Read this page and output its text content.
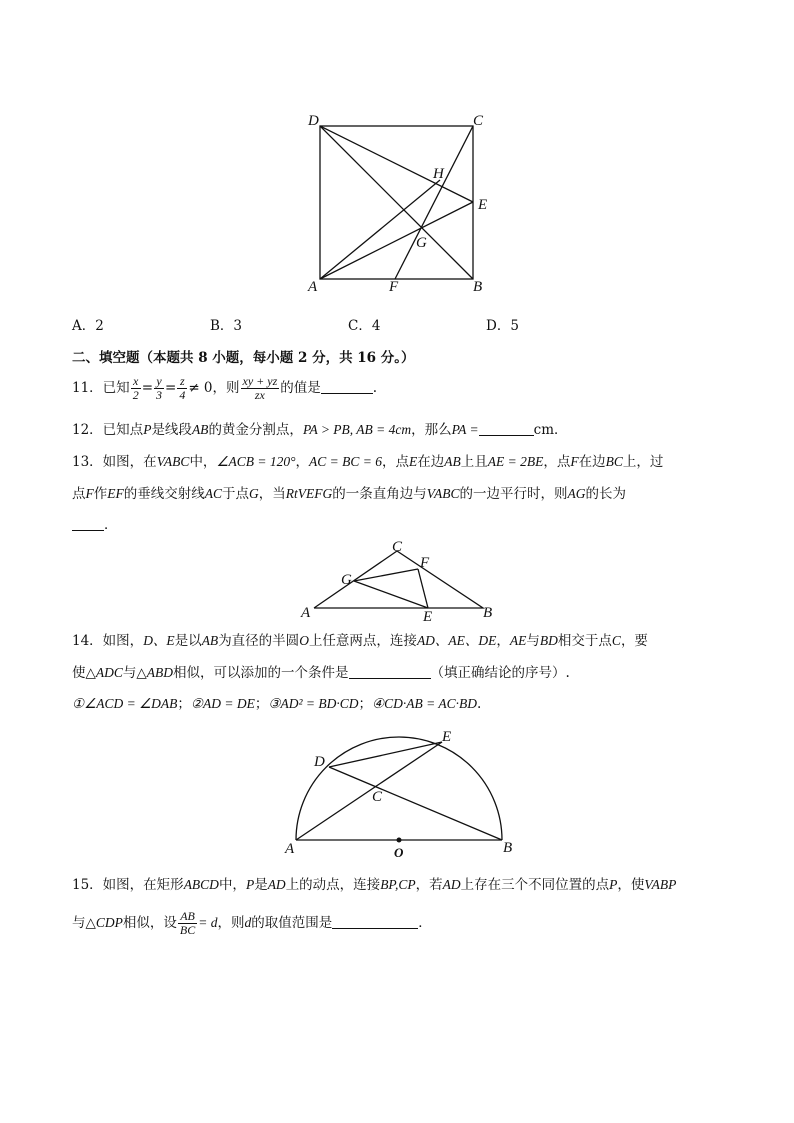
D	C
H
E
G
A	F	B
A．2	B．3	C．4	D．5
二、填空题（本题共 8 小题，每小题 2 分，共 16 分。）
11．已知 $\frac{x}{2} = \frac{y}{3} = \frac{z}{4} \ne 0$，则 $\frac{xy + yz}{zx}$ 的值是	.
12．已知点P是线段AB的黄金分割点，PA > PB, AB = 4cm，那么PA =	cm．
13．如图，在VABC中，∠ACB = 120°，AC = BC = 6，点E在边AB上且AE = 2BE，点F在边BC上，过
点F作EF的垂线交射线AC于点G，当RtVEFG的一条直角边与VABC的一边平行时，则AG的长为
．
C
F
G
A	E	B
14．如图，D、E是以AB为直径的半圆O上任意两点，连接AD、AE、DE，AE与BD相交于点C，要
使△ADC与△ABD相似，可以添加的一个条件是	（填正确结论的序号）.
①∠ACD = ∠DAB；②AD = DE；③AD² = BD·CD；④CD·AB = AC·BD.
D
E
C
A	O	B
15．如图，在矩形ABCD中，P是AD上的动点，连接BP,CP，若AD上存在三个不同位置的点P，使VABP
与△CDP相似，设 $\frac{AB}{BC} = d$，则d的取值范围是	．
